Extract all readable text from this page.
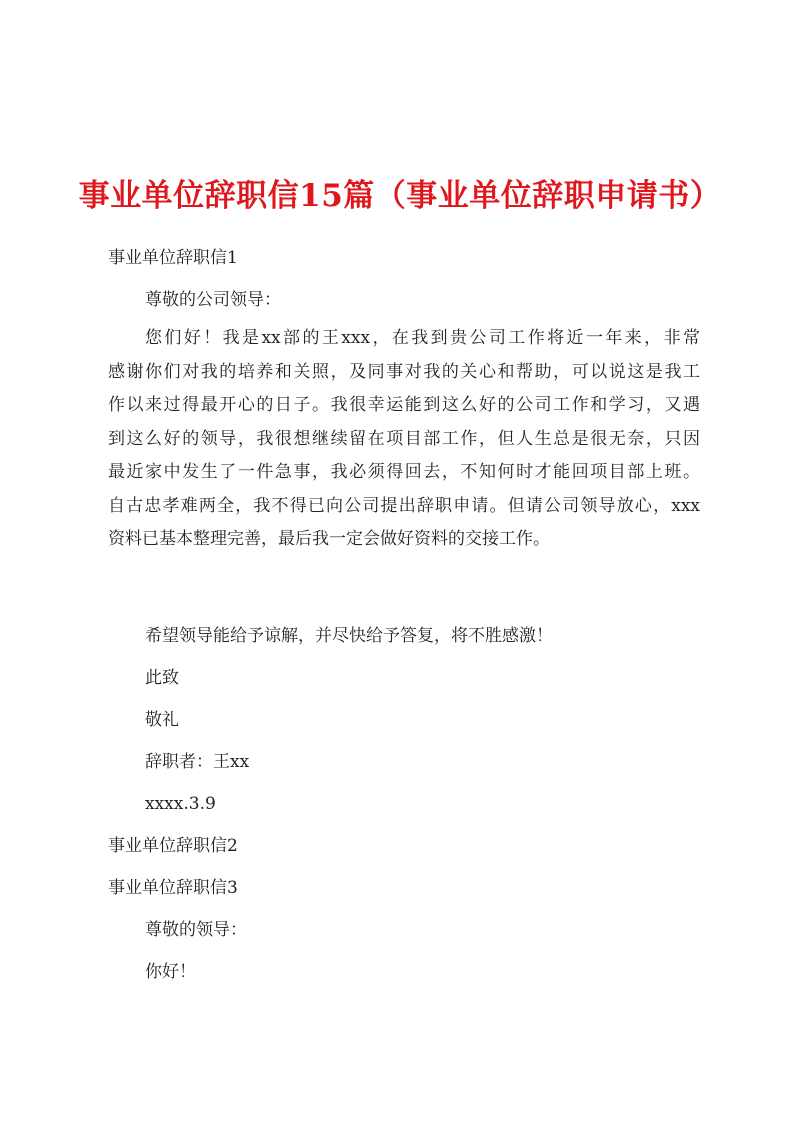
事业单位辞职信15篇（事业单位辞职申请书）
事业单位辞职信1
尊敬的公司领导：
您们好！我是xx部的王xxx，在我到贵公司工作将近一年来，非常
感谢你们对我的培养和关照，及同事对我的关心和帮助，可以说这是我工
作以来过得最开心的日子。我很幸运能到这么好的公司工作和学习，又遇
到这么好的领导，我很想继续留在项目部工作，但人生总是很无奈，只因
最近家中发生了一件急事，我必须得回去，不知何时才能回项目部上班。
自古忠孝难两全，我不得已向公司提出辞职申请。但请公司领导放心，xxx
资料已基本整理完善，最后我一定会做好资料的交接工作。
希望领导能给予谅解，并尽快给予答复，将不胜感激！
此致
敬礼
辞职者：王xx
xxxx.3.9
事业单位辞职信2
事业单位辞职信3
尊敬的领导：
你好！
